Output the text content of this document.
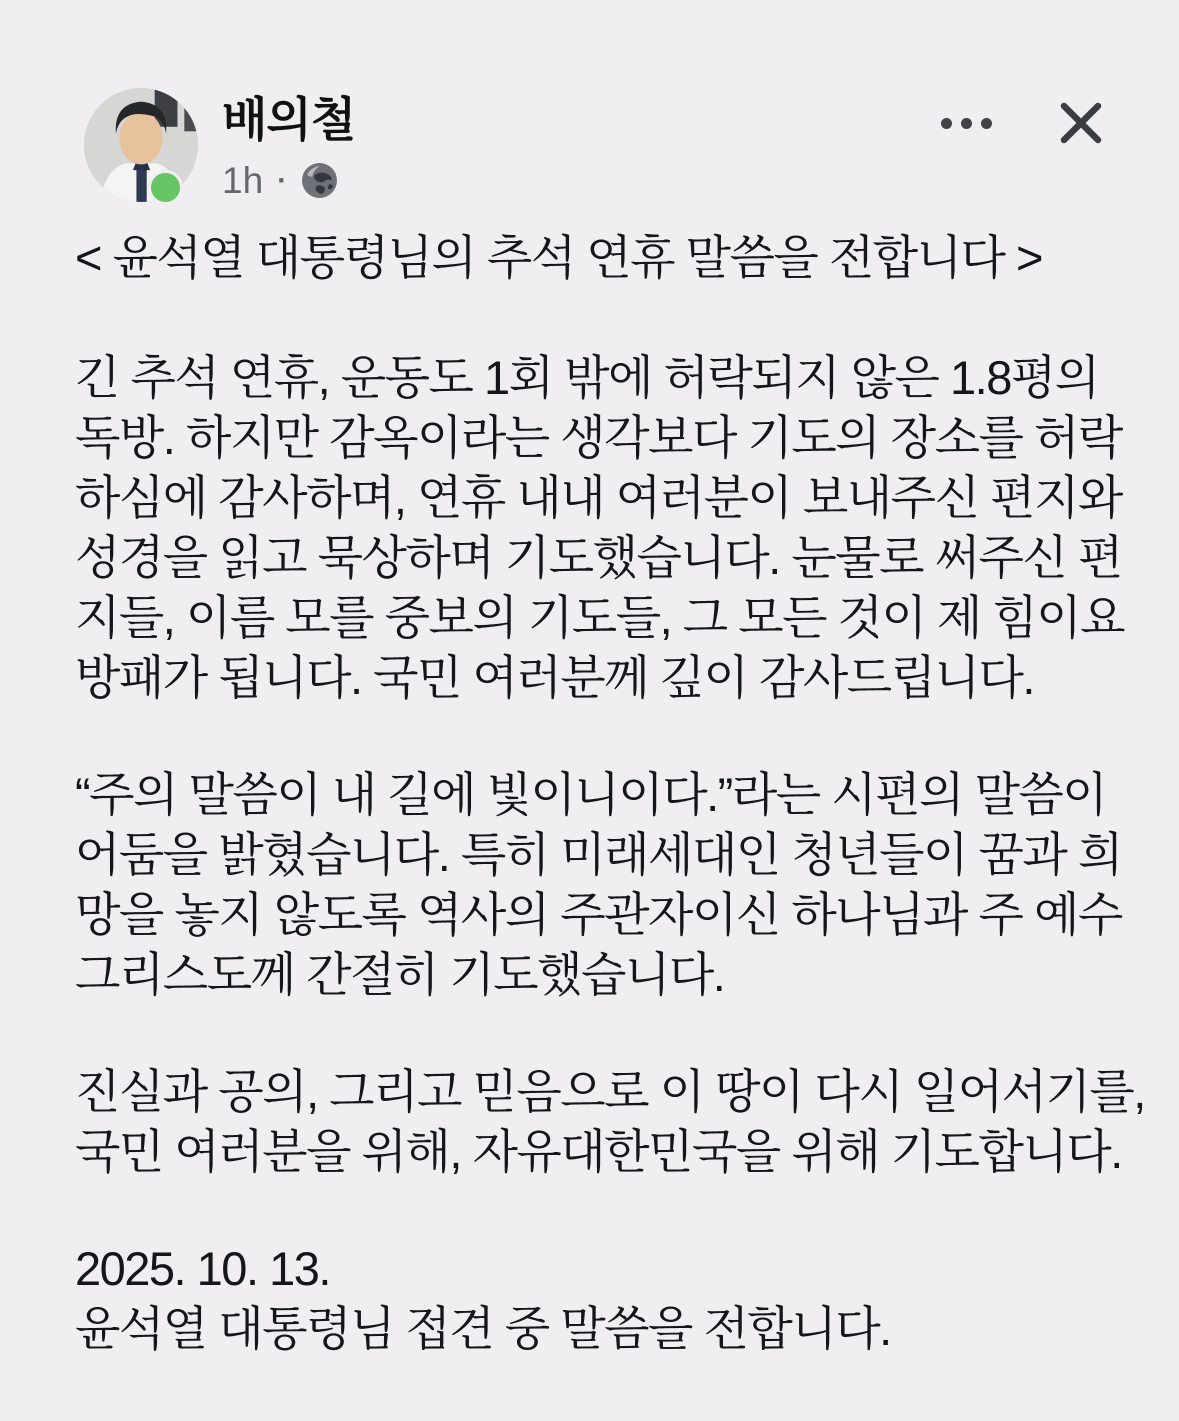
배의철
1h ·
< 윤석열 대통령님의 추석 연휴 말씀을 전합니다 >
긴 추석 연휴, 운동도 1회 밖에 허락되지 않은 1.8평의
독방. 하지만 감옥이라는 생각보다 기도의 장소를 허락
하심에 감사하며, 연휴 내내 여러분이 보내주신 편지와
성경을 읽고 묵상하며 기도했습니다. 눈물로 써주신 편
지들, 이름 모를 중보의 기도들, 그 모든 것이 제 힘이요
방패가 됩니다. 국민 여러분께 깊이 감사드립니다.
“주의 말씀이 내 길에 빛이니이다.”라는 시편의 말씀이
어둠을 밝혔습니다. 특히 미래세대인 청년들이 꿈과 희
망을 놓지 않도록 역사의 주관자이신 하나님과 주 예수
그리스도께 간절히 기도했습니다.
진실과 공의, 그리고 믿음으로 이 땅이 다시 일어서기를,
국민 여러분을 위해, 자유대한민국을 위해 기도합니다.
2025. 10. 13.
윤석열 대통령님 접견 중 말씀을 전합니다.
